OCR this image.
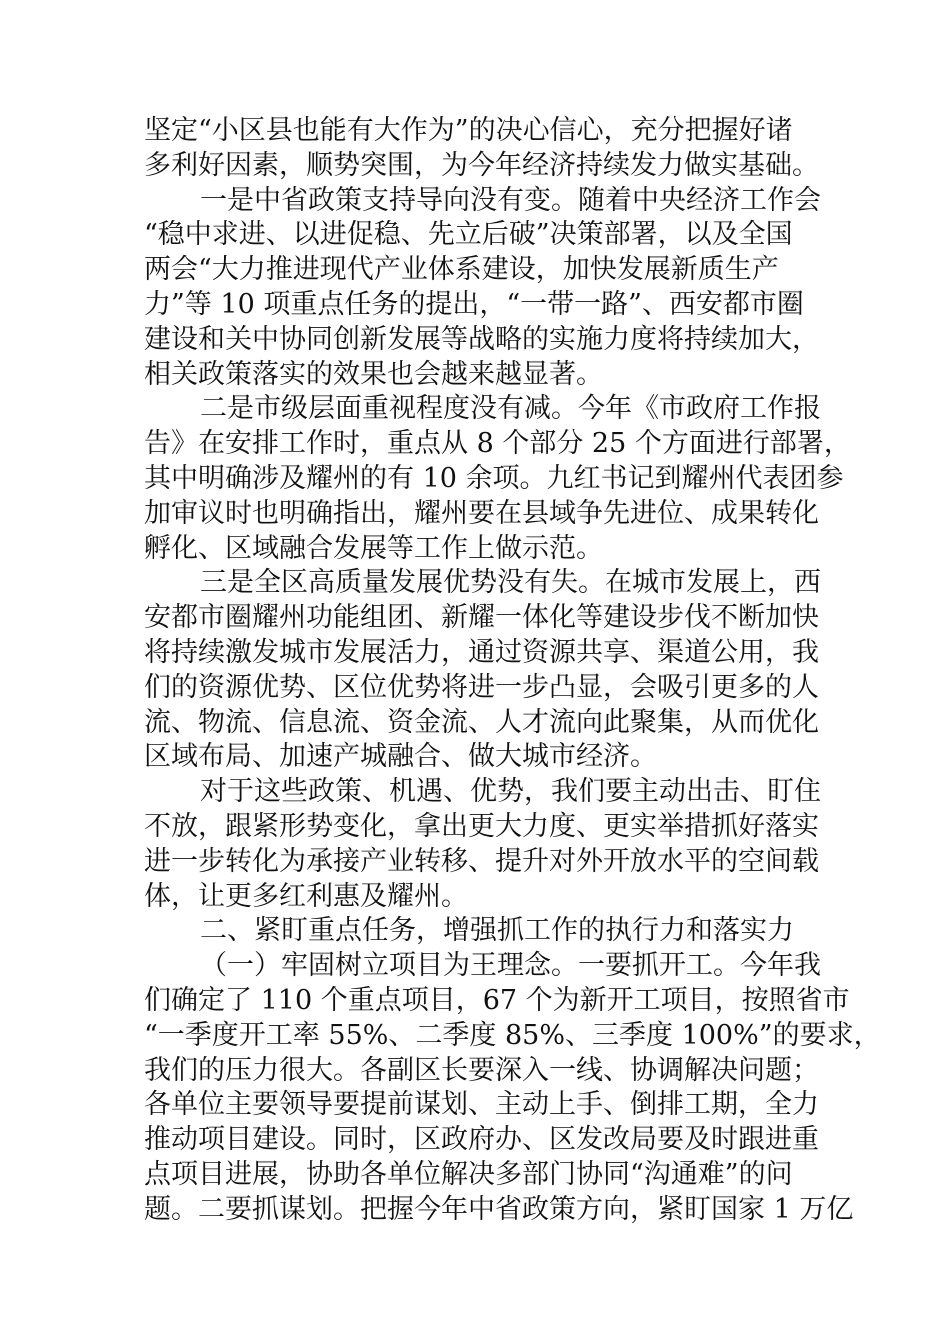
坚定“小区县也能有大作为”的决心信心，充分把握好诸
多利好因素，顺势突围，为今年经济持续发力做实基础。
一是中省政策支持导向没有变。随着中央经济工作会
“稳中求进、以进促稳、先立后破”决策部署，以及全国
两会“大力推进现代产业体系建设，加快发展新质生产
力”等 10 项重点任务的提出，“一带一路”、西安都市圈
建设和关中协同创新发展等战略的实施力度将持续加大，
相关政策落实的效果也会越来越显著。
二是市级层面重视程度没有减。今年《市政府工作报
告》在安排工作时，重点从 8 个部分 25 个方面进行部署，
其中明确涉及耀州的有 10 余项。九红书记到耀州代表团参
加审议时也明确指出，耀州要在县域争先进位、成果转化
孵化、区域融合发展等工作上做示范。
三是全区高质量发展优势没有失。在城市发展上，西
安都市圈耀州功能组团、新耀一体化等建设步伐不断加快
将持续激发城市发展活力，通过资源共享、渠道公用，我
们的资源优势、区位优势将进一步凸显，会吸引更多的人
流、物流、信息流、资金流、人才流向此聚集，从而优化
区域布局、加速产城融合、做大城市经济。
对于这些政策、机遇、优势，我们要主动出击、盯住
不放，跟紧形势变化，拿出更大力度、更实举措抓好落实
进一步转化为承接产业转移、提升对外开放水平的空间载
体，让更多红利惠及耀州。
二、紧盯重点任务，增强抓工作的执行力和落实力
（一）牢固树立项目为王理念。一要抓开工。今年我
们确定了 110 个重点项目，67 个为新开工项目，按照省市
“一季度开工率 55%、二季度 85%、三季度 100%”的要求，
我们的压力很大。各副区长要深入一线、协调解决问题；
各单位主要领导要提前谋划、主动上手、倒排工期，全力
推动项目建设。同时，区政府办、区发改局要及时跟进重
点项目进展，协助各单位解决多部门协同“沟通难”的问
题。二要抓谋划。把握今年中省政策方向，紧盯国家 1 万亿
